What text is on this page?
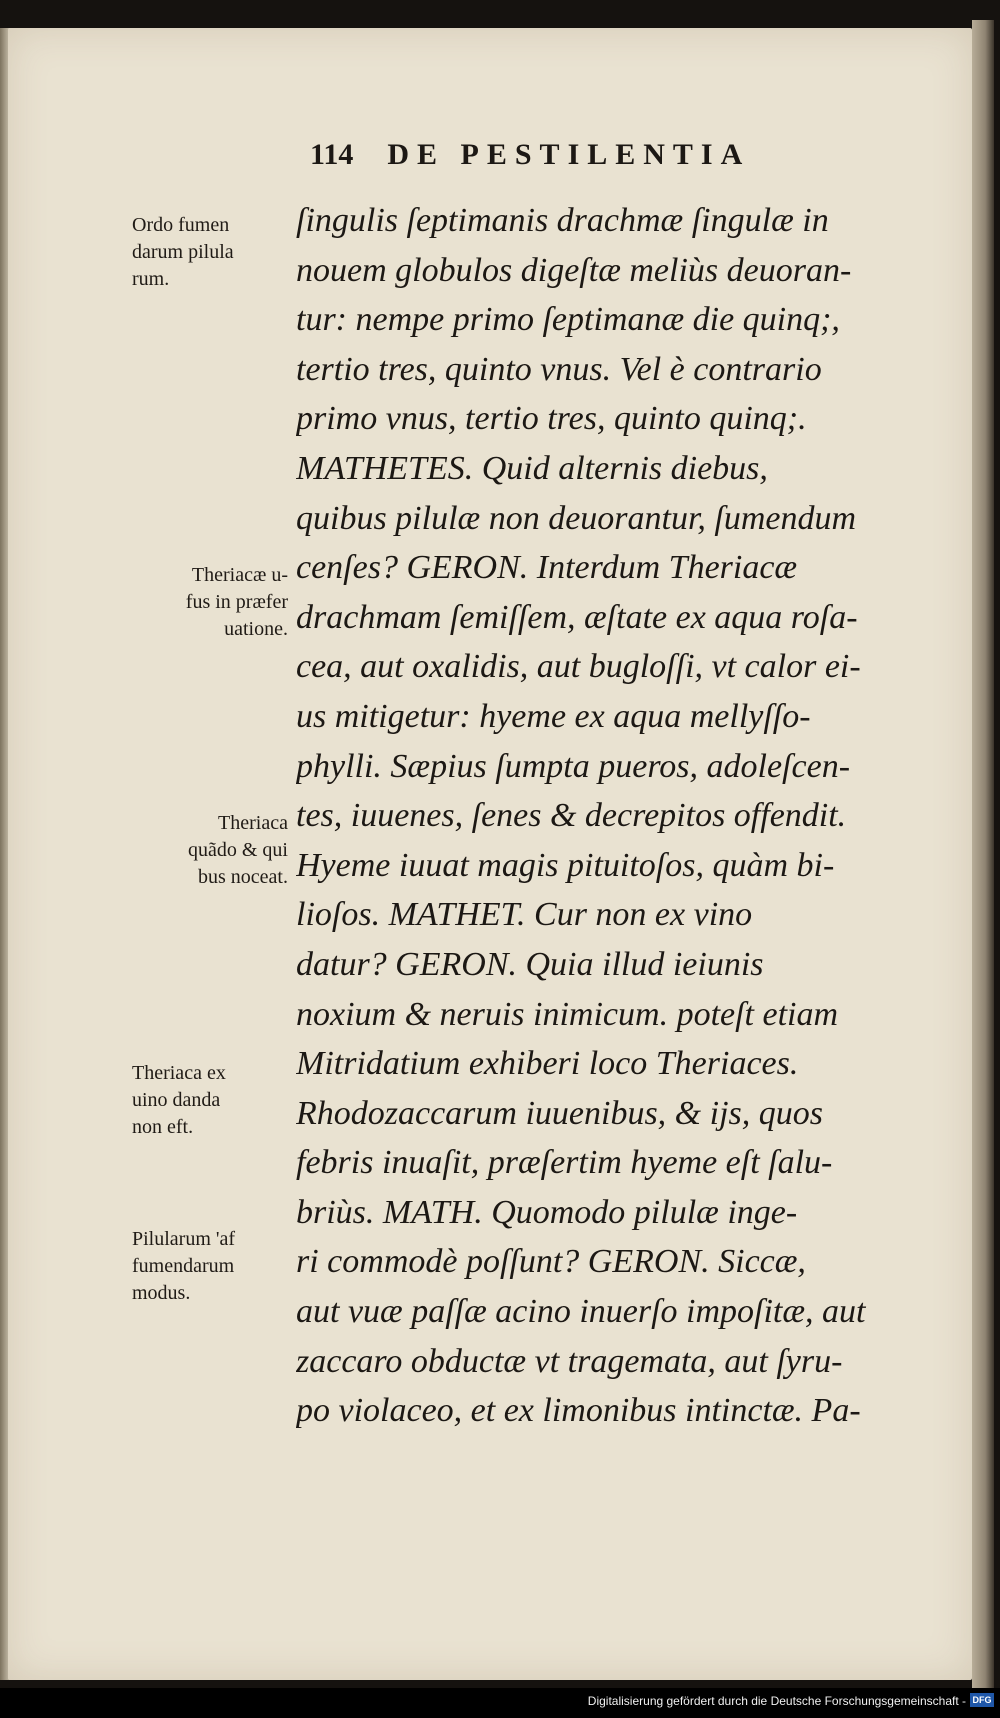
114 DE PESTILENTIA
Ordo fumen
darum pilula
rum.
Theriacæ u-
fus in præfer
uatione.
Theriaca
quãdo & qui
bus noceat.
Theriaca ex
uino danda
non eft.
Pilularum 'af
fumendarum
modus.
ſingulis ſeptimanis drachmæ ſingulæ in
nouem globulos digeſtæ meliùs deuoran-
tur: nempe primo ſeptimanæ die quinq;,
tertio tres, quinto vnus. Vel è contrario
primo vnus, tertio tres, quinto quinq;.
MATHETES. Quid alternis diebus,
quibus pilulæ non deuorantur, ſumendum
cenſes? GERON. Interdum Theriacæ
drachmam ſemiſſem, æſtate ex aqua roſa-
cea, aut oxalidis, aut bugloſſi, vt calor ei-
us mitigetur: hyeme ex aqua mellyſſo-
phylli. Sæpius ſumpta pueros, adoleſcen-
tes, iuuenes, ſenes & decrepitos offendit.
Hyeme iuuat magis pituitoſos, quàm bi-
lioſos. MATHET. Cur non ex vino
datur? GERON. Quia illud ieiunis
noxium & neruis inimicum. poteſt etiam
Mitridatium exhiberi loco Theriaces.
Rhodozaccarum iuuenibus, & ijs, quos
febris inuaſit, præſertim hyeme eſt ſalu-
briùs. MATH. Quomodo pilulæ inge-
ri commodè poſſunt? GERON. Siccæ,
aut vuæ paſſæ acino inuerſo impoſitæ, aut
zaccaro obductæ vt tragemata, aut ſyru-
po violaceo, et ex limonibus intinctæ. Pa-
Digitalisierung gefördert durch die Deutsche Forschungsgemeinschaft - DFG
